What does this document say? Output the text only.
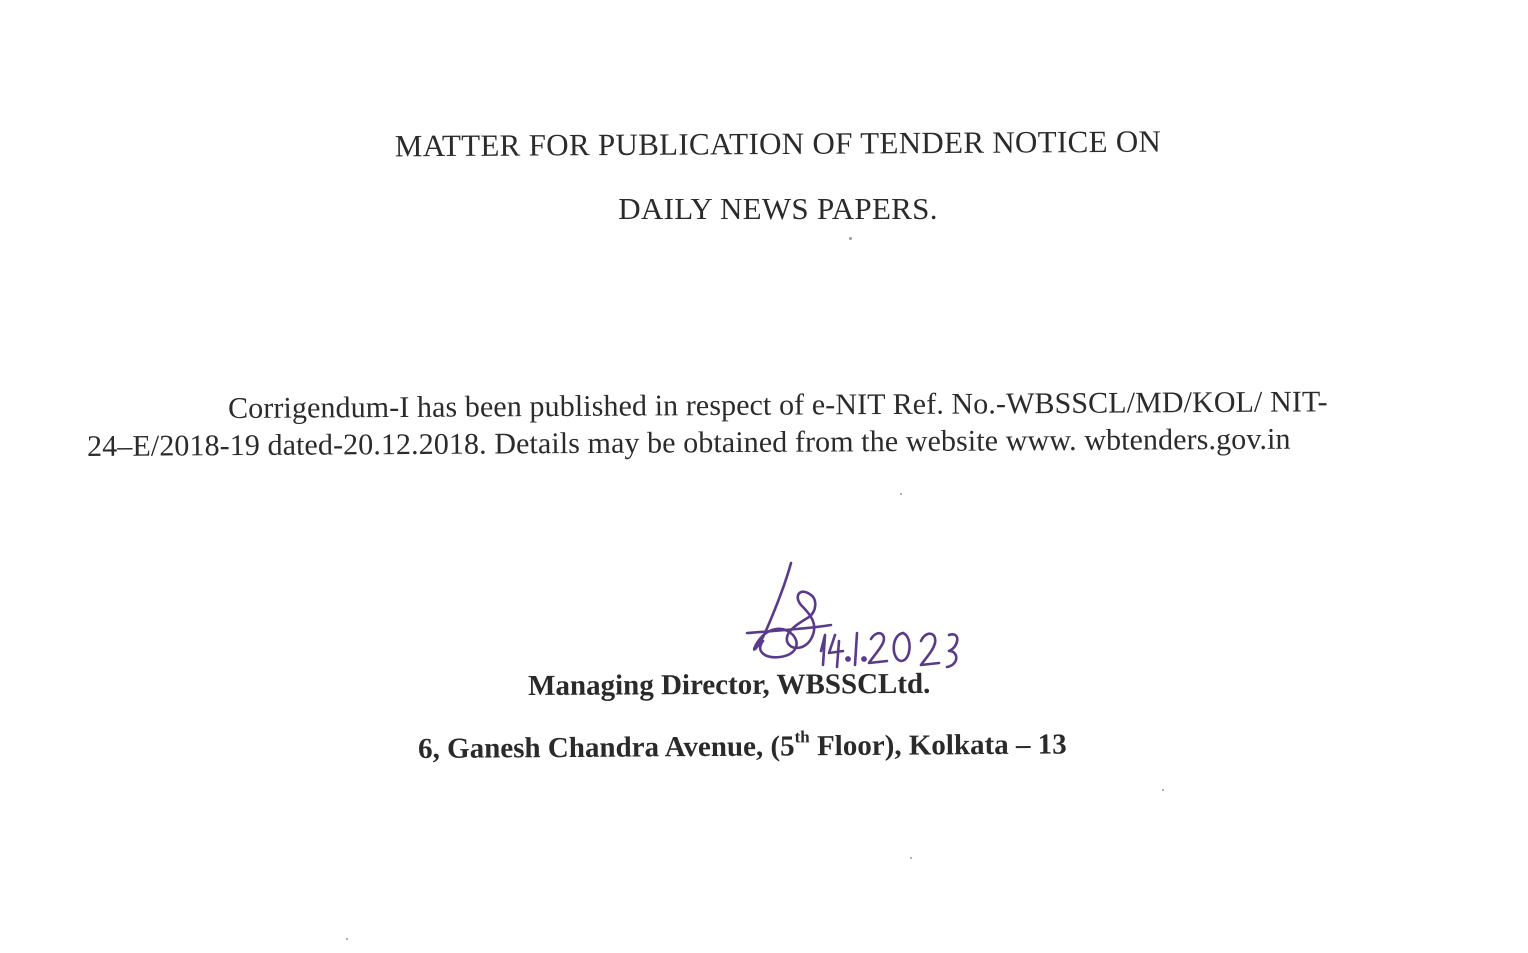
MATTER FOR PUBLICATION OF TENDER NOTICE ON
DAILY NEWS PAPERS.
Corrigendum-I has been published in respect of e-NIT Ref. No.-WBSSCL/MD/KOL/ NIT-
24–E/2018-19 dated-20.12.2018. Details may be obtained from the website www. wbtenders.gov.in
Managing Director, WBSSCLtd.
6, Ganesh Chandra Avenue, (5th Floor), Kolkata – 13
